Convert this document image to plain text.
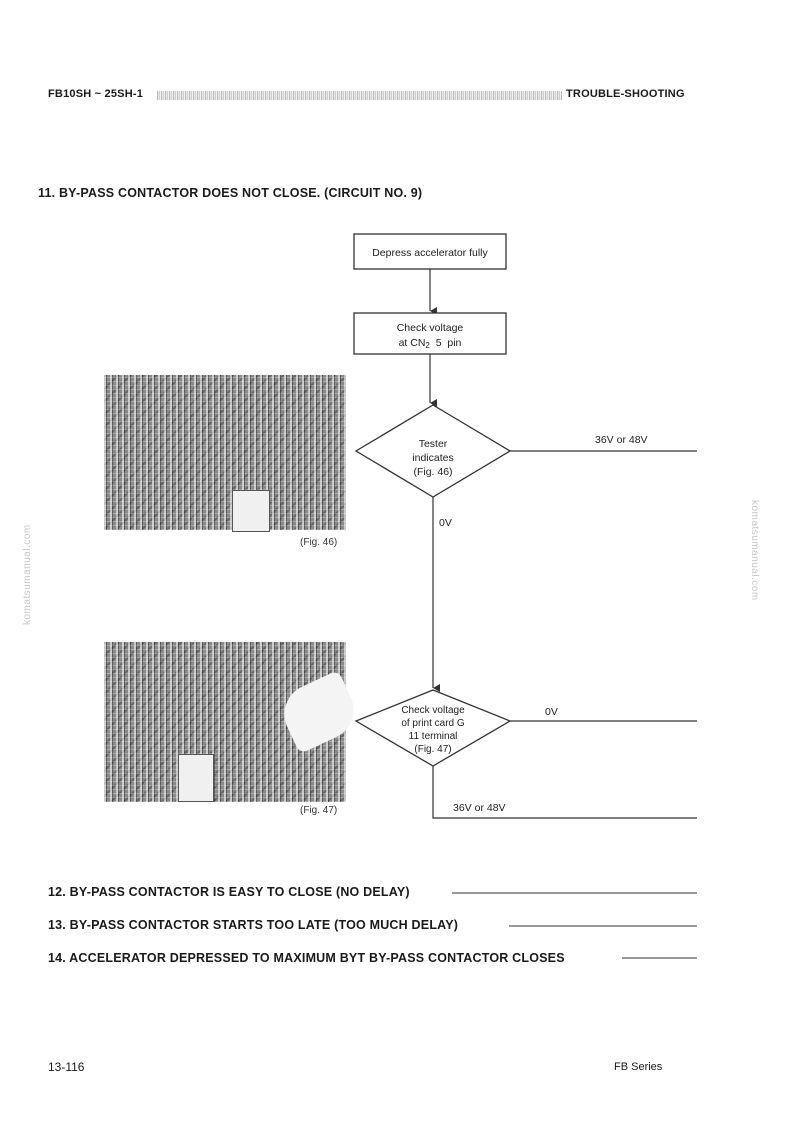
FB10SH ~ 25SH-1	TROUBLE-SHOOTING
11. BY-PASS CONTACTOR DOES NOT CLOSE. (CIRCUIT NO. 9)
komatsumanual.com	komatsumanual.com
(Fig. 46)
(Fig. 47)
Depress accelerator fully
Check voltage
at CN2  5  pin
Tester
indicates
(Fig. 46)
36V or 48V
0V
Check voltage
of print card G
11 terminal
(Fig. 47)
0V
36V or 48V
12. BY-PASS CONTACTOR IS EASY TO CLOSE (NO DELAY)
13. BY-PASS CONTACTOR STARTS TOO LATE (TOO MUCH DELAY)
14. ACCELERATOR DEPRESSED TO MAXIMUM BYT BY-PASS CONTACTOR CLOSES
13-116	FB Series
